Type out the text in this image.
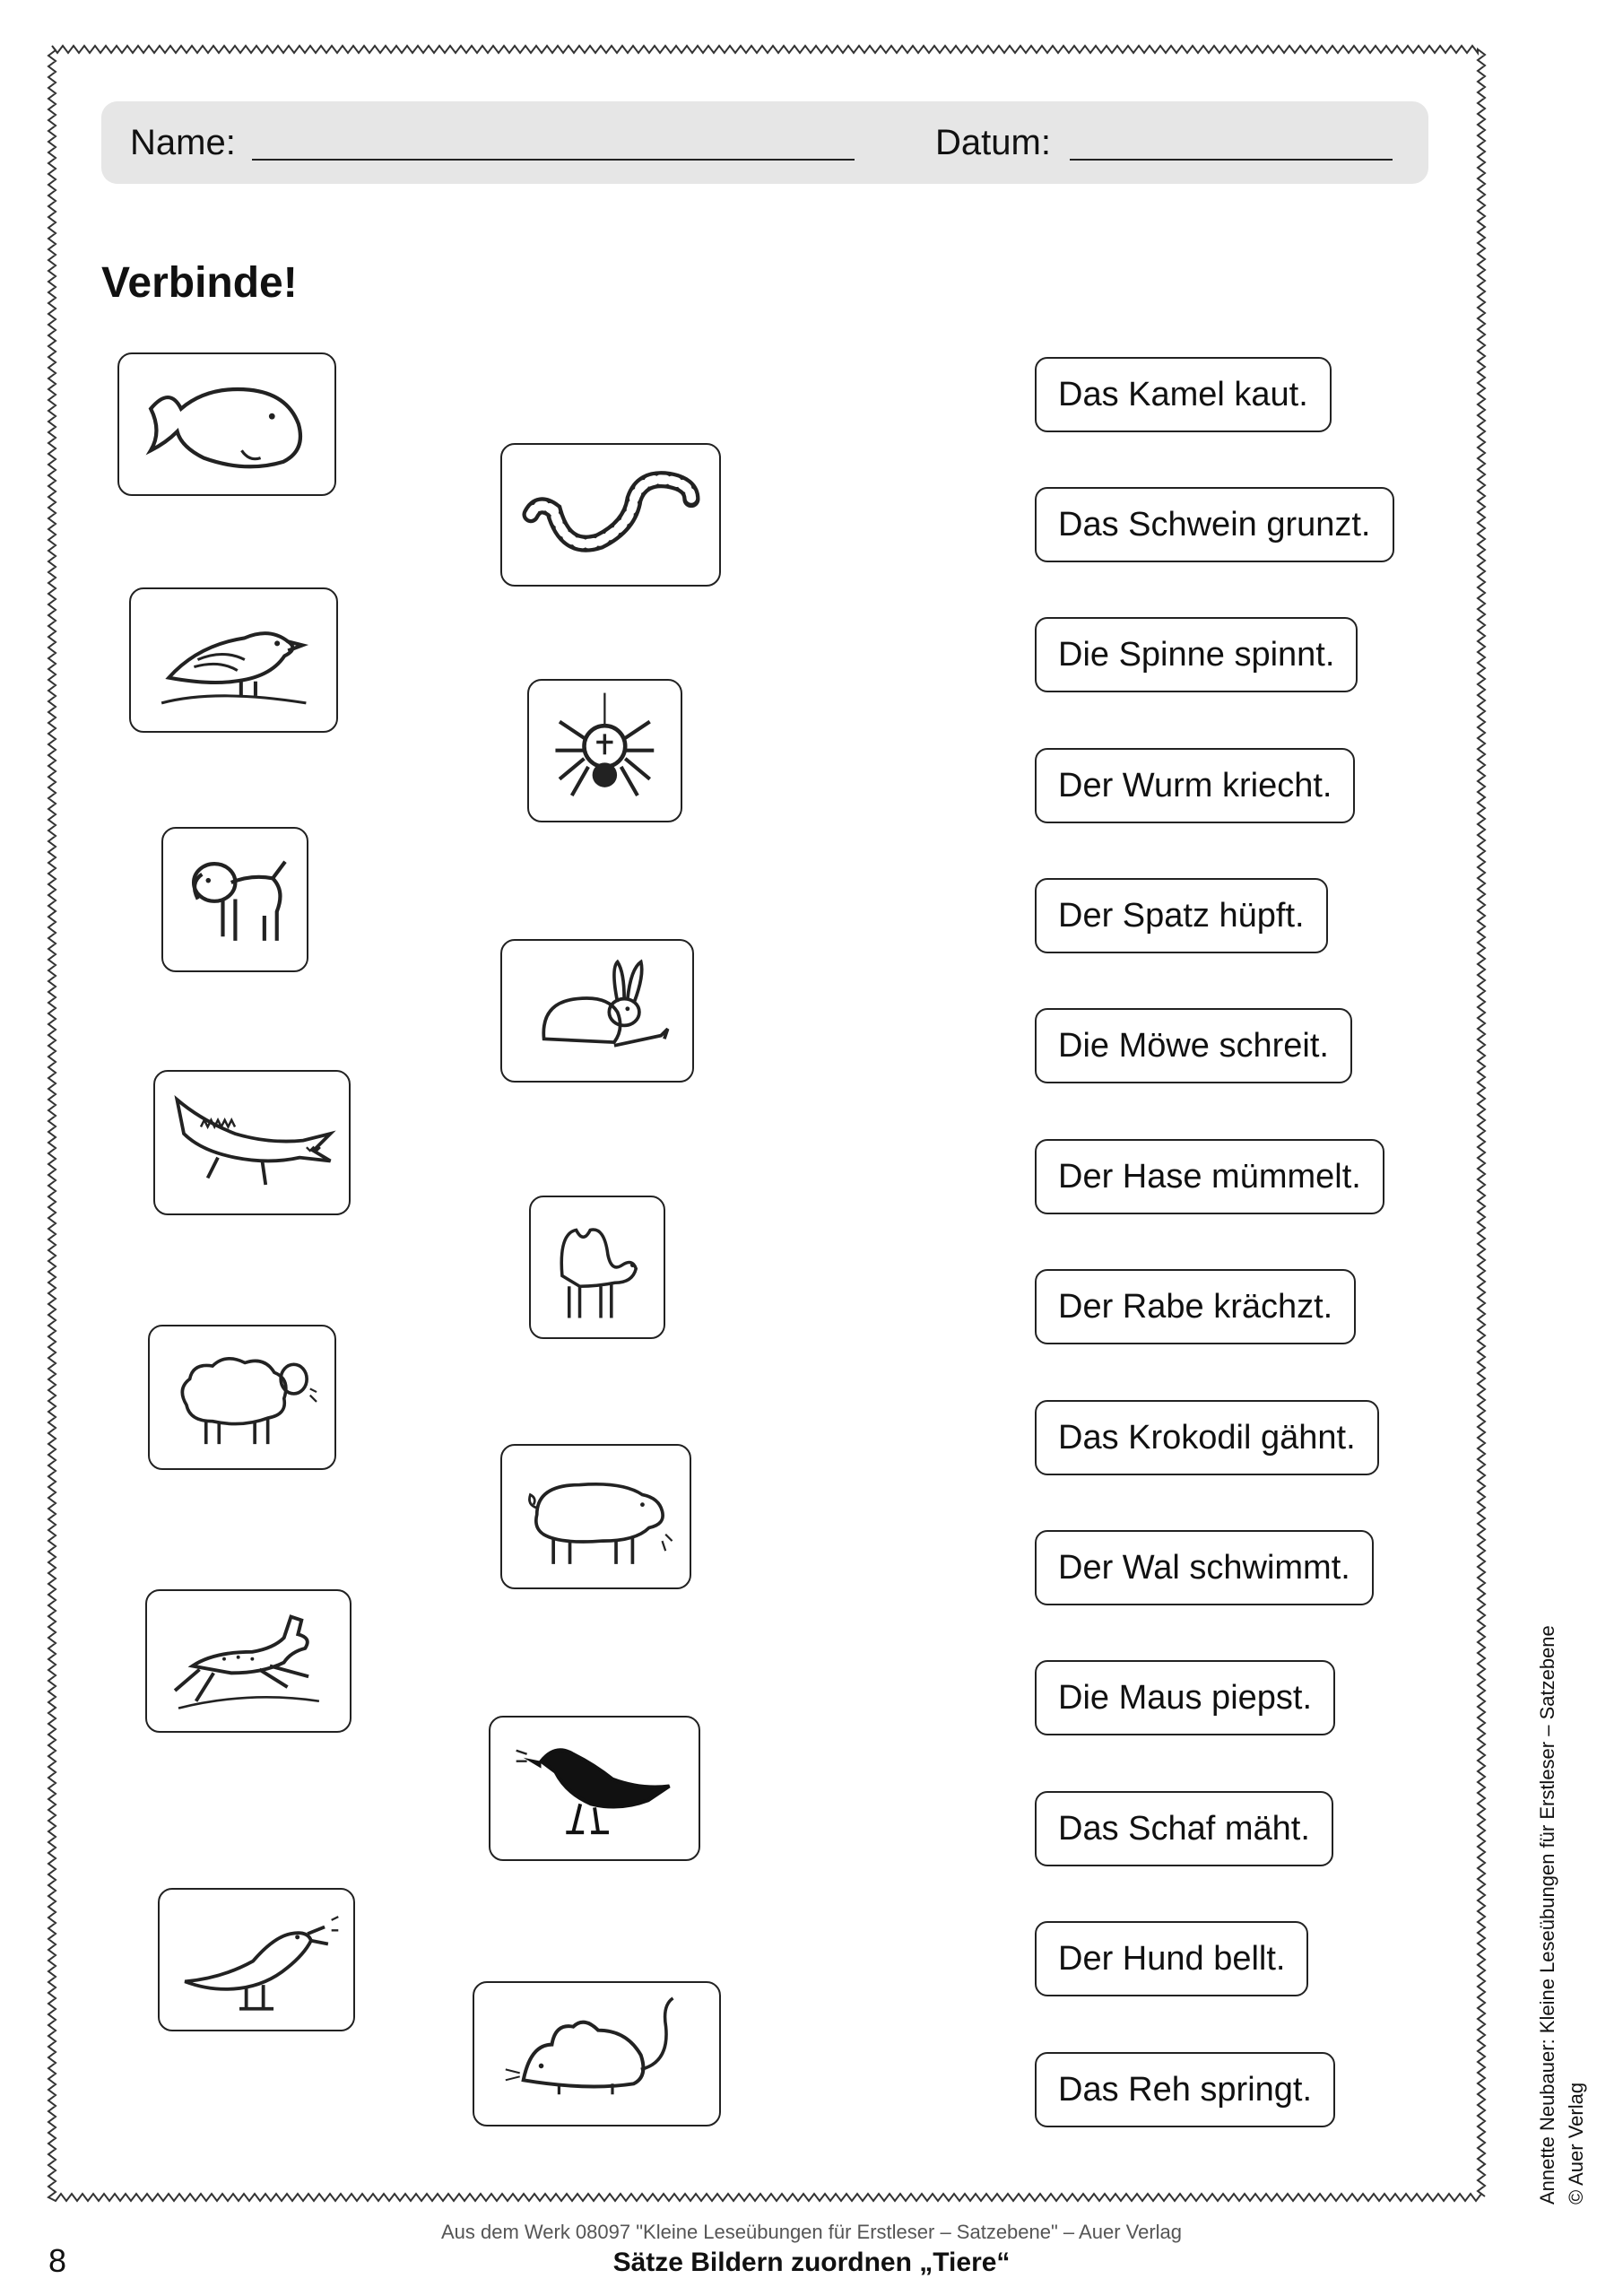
Name:	Datum:
Verbinde!
Das Kamel kaut.
Das Schwein grunzt.
Die Spinne spinnt.
Der Wurm kriecht.
Der Spatz hüpft.
Die Möwe schreit.
Der Hase mümmelt.
Der Rabe krächzt.
Das Krokodil gähnt.
Der Wal schwimmt.
Die Maus piepst.
Das Schaf mäht.
Der Hund bellt.
Das Reh springt.	Annette Neubauer: Kleine Leseübungen für Erstleser – Satzebene © Auer Verlag
8
Aus dem Werk 08097 "Kleine Leseübungen für Erstleser – Satzebene" – Auer Verlag
Sätze Bildern zuordnen „Tiere“
